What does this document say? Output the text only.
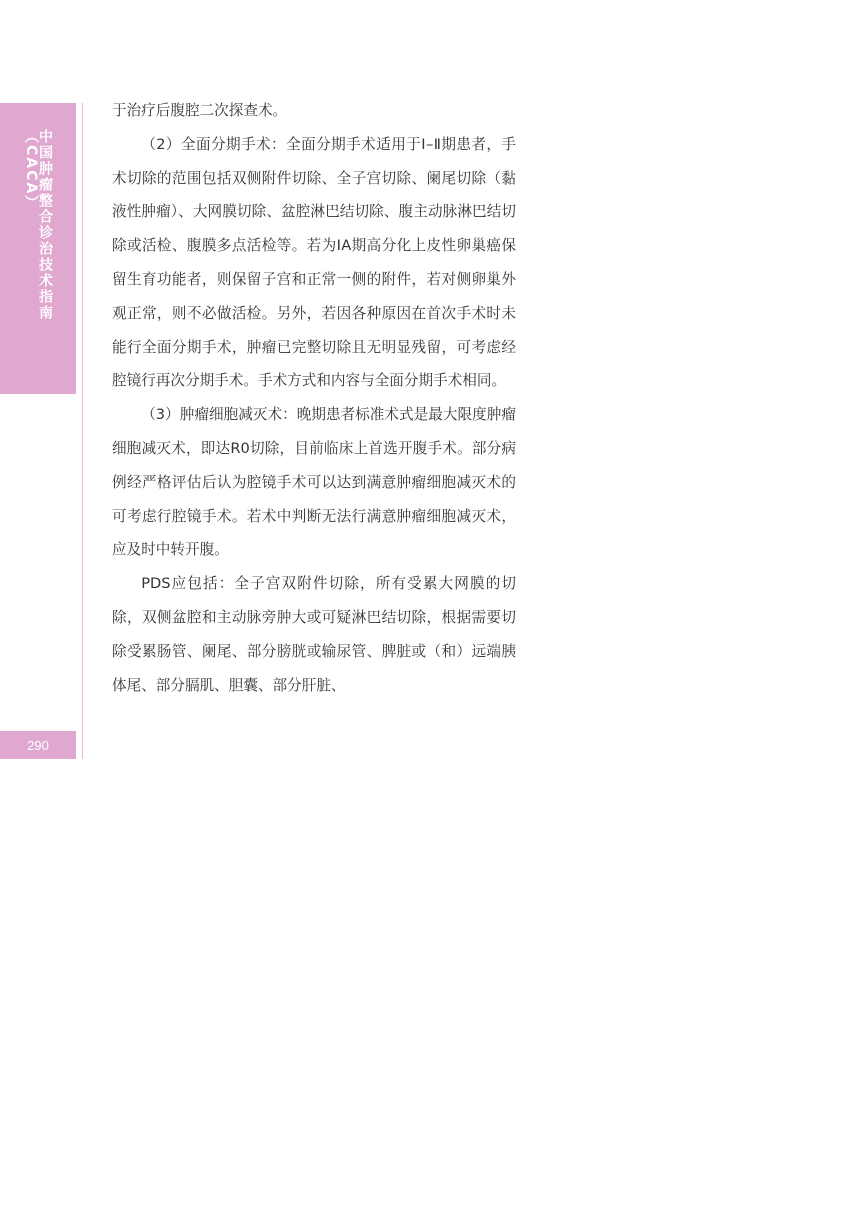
中国肿瘤整合诊治技术指南（CACA）
290

于治疗后腹腔二次探查术。

（2）全面分期手术：全面分期手术适用于Ⅰ–Ⅱ期患者，手术切除的范围包括双侧附件切除、全子宫切除、阑尾切除（黏液性肿瘤）、大网膜切除、盆腔淋巴结切除、腹主动脉淋巴结切除或活检、腹膜多点活检等。若为ⅠA期高分化上皮性卵巢癌保留生育功能者，则保留子宫和正常一侧的附件，若对侧卵巢外观正常，则不必做活检。另外，若因各种原因在首次手术时未能行全面分期手术，肿瘤已完整切除且无明显残留，可考虑经腔镜行再次分期手术。手术方式和内容与全面分期手术相同。

（3）肿瘤细胞减灭术：晚期患者标准术式是最大限度肿瘤细胞减灭术，即达R0切除，目前临床上首选开腹手术。部分病例经严格评估后认为腔镜手术可以达到满意肿瘤细胞减灭术的可考虑行腔镜手术。若术中判断无法行满意肿瘤细胞减灭术，应及时中转开腹。

PDS应包括：全子宫双附件切除，所有受累大网膜的切除，双侧盆腔和主动脉旁肿大或可疑淋巴结切除，根据需要切除受累肠管、阑尾、部分膀胱或输尿管、脾脏或（和）远端胰体尾、部分膈肌、胆囊、部分肝脏、
